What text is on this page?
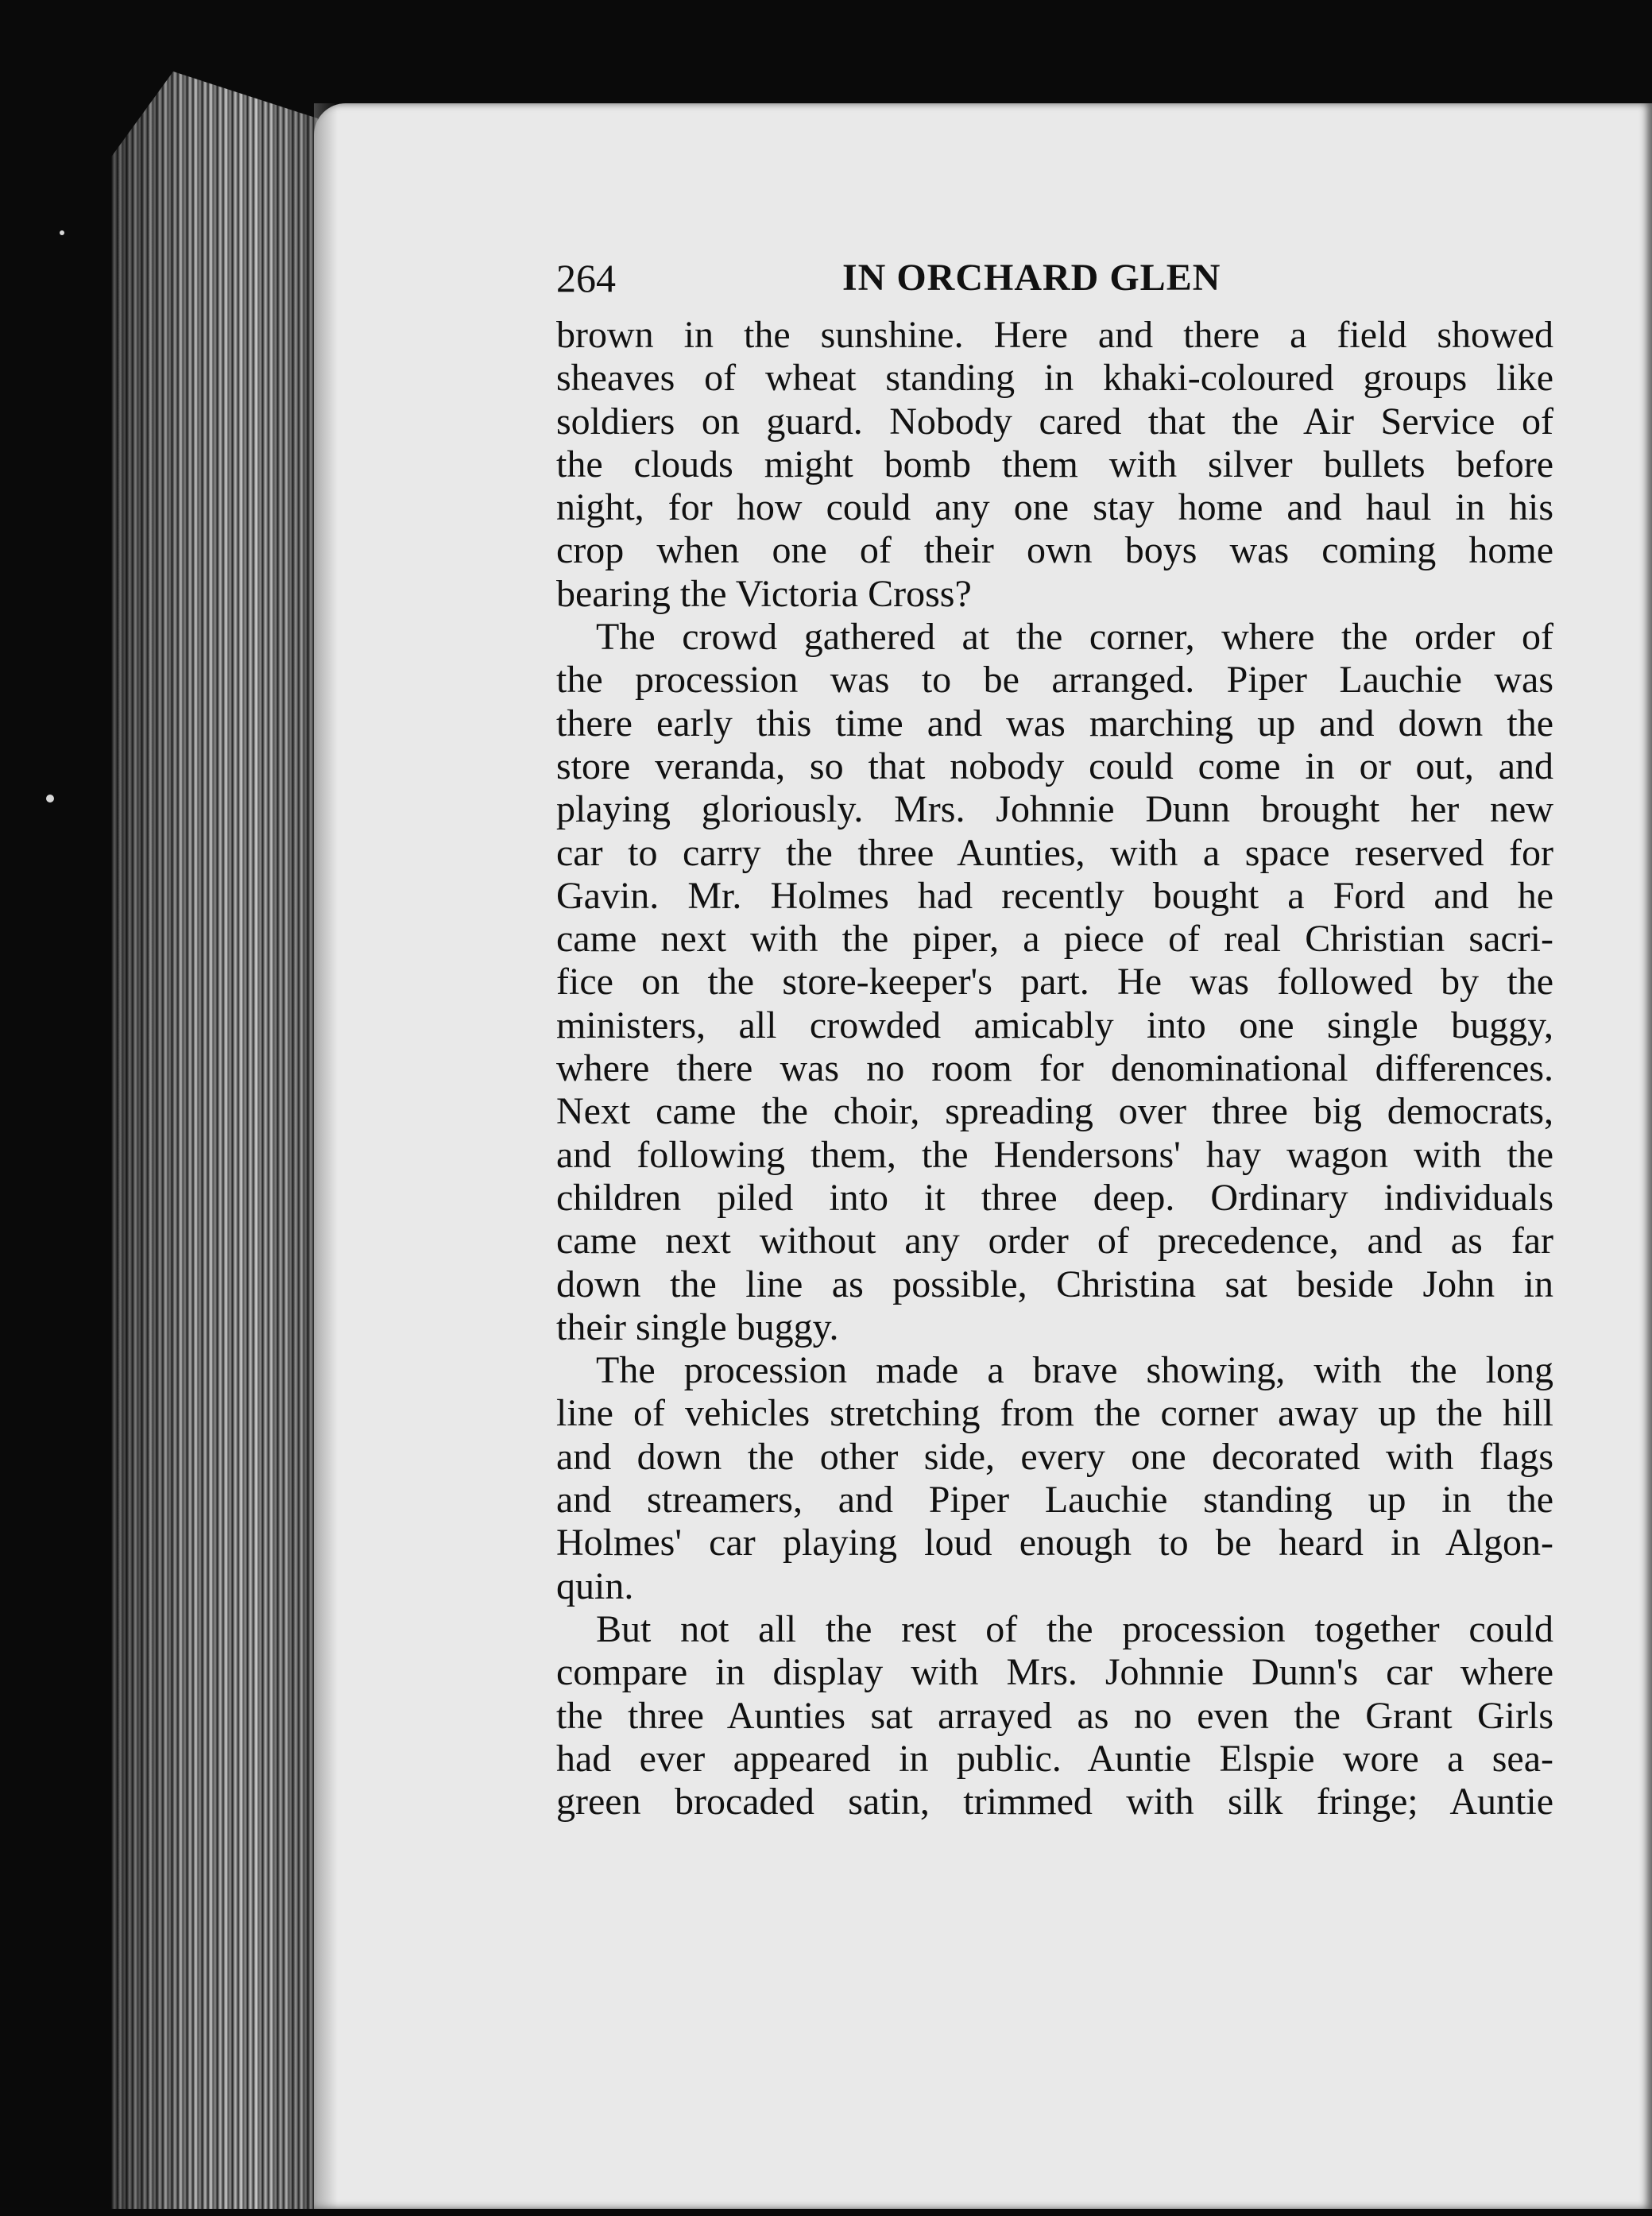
264	IN ORCHARD GLEN
brown in the sunshine. Here and there a field showed
sheaves of wheat standing in khaki-coloured groups like
soldiers on guard. Nobody cared that the Air Service of
the clouds might bomb them with silver bullets before
night, for how could any one stay home and haul in his
crop when one of their own boys was coming home
bearing the Victoria Cross?
The crowd gathered at the corner, where the order of
the procession was to be arranged. Piper Lauchie was
there early this time and was marching up and down the
store veranda, so that nobody could come in or out, and
playing gloriously. Mrs. Johnnie Dunn brought her new
car to carry the three Aunties, with a space reserved for
Gavin. Mr. Holmes had recently bought a Ford and he
came next with the piper, a piece of real Christian sacri-
fice on the store-keeper's part. He was followed by the
ministers, all crowded amicably into one single buggy,
where there was no room for denominational differences.
Next came the choir, spreading over three big democrats,
and following them, the Hendersons' hay wagon with the
children piled into it three deep. Ordinary individuals
came next without any order of precedence, and as far
down the line as possible, Christina sat beside John in
their single buggy.
The procession made a brave showing, with the long
line of vehicles stretching from the corner away up the hill
and down the other side, every one decorated with flags
and streamers, and Piper Lauchie standing up in the
Holmes' car playing loud enough to be heard in Algon-
quin.
But not all the rest of the procession together could
compare in display with Mrs. Johnnie Dunn's car where
the three Aunties sat arrayed as no even the Grant Girls
had ever appeared in public. Auntie Elspie wore a sea-
green brocaded satin, trimmed with silk fringe; Auntie
